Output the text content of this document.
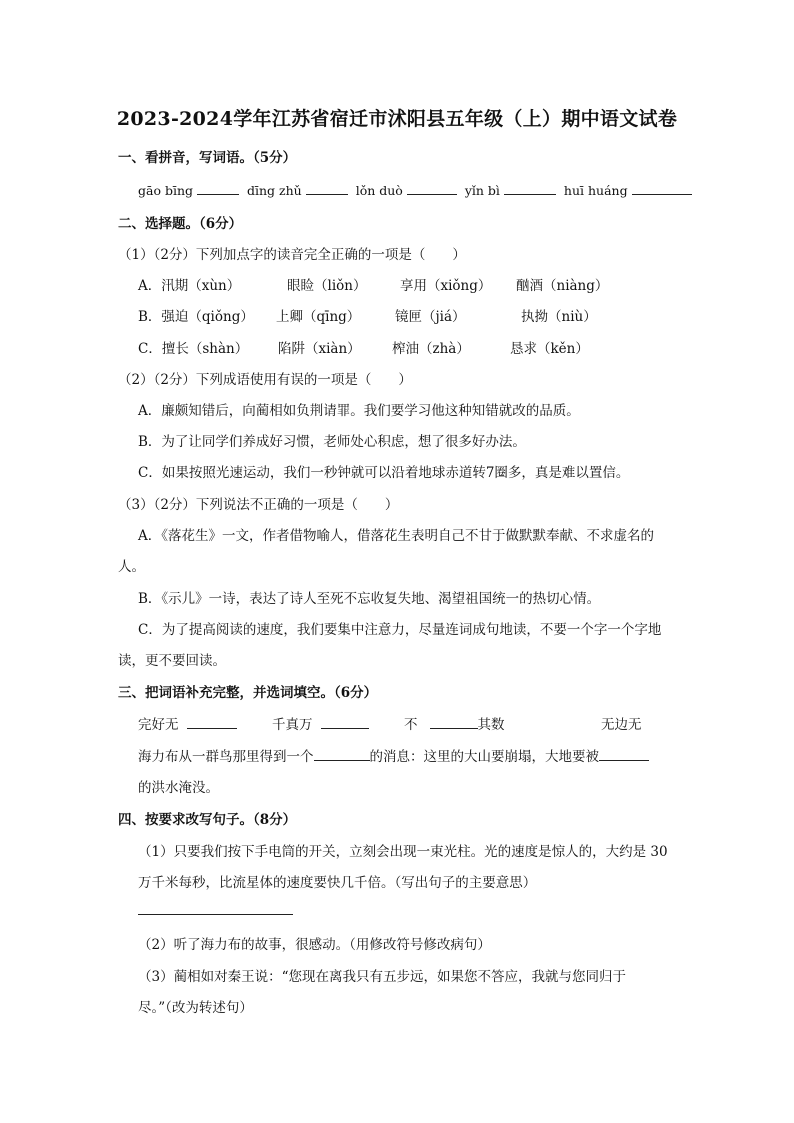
2023-2024学年江苏省宿迁市沭阳县五年级（上）期中语文试卷
一、看拼音，写词语。（5分）
gāo bīng	dīng zhǔ	lǒn duò	yǐn bì	huī huáng
二、选择题。（6分）
（1）（2分）下列加点字的读音完全正确的一项是（　　）
A．汛期（xùn）	眼睑（liǒn） 享用（xiǒng） 酗酒（niàng）
B．强迫（qiǒng） 上卿（qīng）	镜匣（jiá）	执拗（niù）
C．擅长（shàn） 陷阱（xiàn） 榨油（zhà）	恳求（kěn）
（2）（2分）下列成语使用有误的一项是（　　）
A．廉颇知错后，向蔺相如负荆请罪。我们要学习他这种知错就改的品质。
B．为了让同学们养成好习惯，老师处心积虑，想了很多好办法。
C．如果按照光速运动，我们一秒钟就可以沿着地球赤道转7圈多，真是难以置信。
（3）（2分）下列说法不正确的一项是（　　）
A．《落花生》一文，作者借物喻人，借落花生表明自己不甘于做默默奉献、不求虚名的
人。
B．《示儿》一诗，表达了诗人至死不忘收复失地、渴望祖国统一的热切心情。
C．为了提高阅读的速度，我们要集中注意力，尽量连词成句地读，不要一个字一个字地
读，更不要回读。
三、把词语补充完整，并选词填空。（6分）
完好无	千真万	不	其数	无边无
海力布从一群鸟那里得到一个	的消息：这里的大山要崩塌，大地要被
的洪水淹没。
四、按要求改写句子。（8分）
（1）只要我们按下手电筒的开关，立刻会出现一束光柱。光的速度是惊人的，大约是 30
万千米每秒，比流星体的速度要快几千倍。（写出句子的主要意思）
（2）听了海力布的故事，很感动。（用修改符号修改病句）
（3）蔺相如对秦王说：“您现在离我只有五步远，如果您不答应，我就与您同归于
尽。”（改为转述句）
